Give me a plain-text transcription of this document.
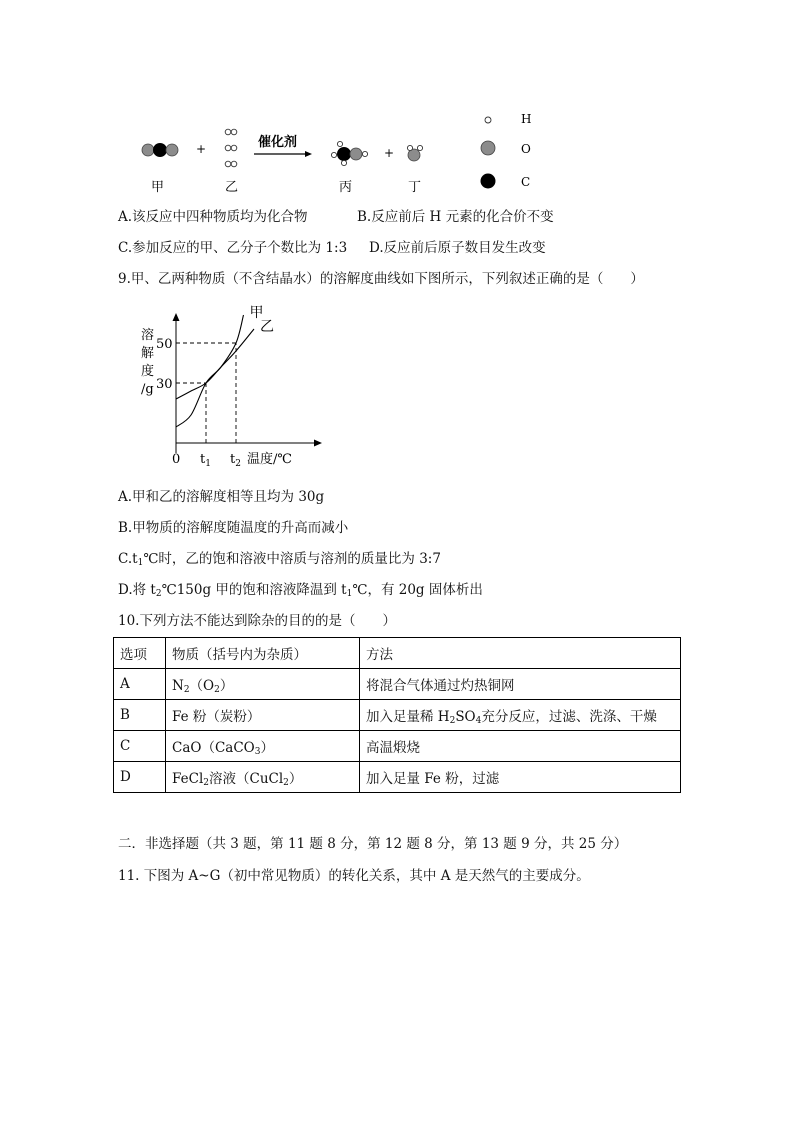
+	催化剂
+
甲	乙	丙	丁
H
O
C
A.该反应中四种物质均为化合物	B.反应前后 H 元素的化合价不变
C.参加反应的甲、乙分子个数比为 1:3 D.反应前后原子数目发生改变
9.甲、乙两种物质（不含结晶水）的溶解度曲线如下图所示，下列叙述正确的是（　　）
30
50
甲
乙
$t_1$ $t_2$ 温度/℃
0
溶
解
度
/g
A.甲和乙的溶解度相等且均为 30g
B.甲物质的溶解度随温度的升高而减小
$C.t_1℃$时，乙的饱和溶液中溶质与溶剂的质量比为 3:7
D.将 $t_2℃150g$ 甲的饱和溶液降温到 $t_1℃$，有 20g 固体析出
10.下列方法不能达到除杂的目的的是（　　）
选项	物质（括号内为杂质）	方法
A	$N_2(O_2)$	将混合气体通过灼热铜网
B	Fe 粉（炭粉）	加入足量稀 $H_2SO_4$充分反应，过滤、洗涤、干燥
C	CaO（CaCO$_3$）	高温煅烧
D	FeCl$_2$溶液（CuCl$_2$）	加入足量 Fe 粉，过滤
二．非选择题（共 3 题，第 11 题 8 分，第 12 题 8 分，第 13 题 9 分，共 25 分）
11. 下图为 A~G（初中常见物质）的转化关系，其中 A 是天然气的主要成分。
